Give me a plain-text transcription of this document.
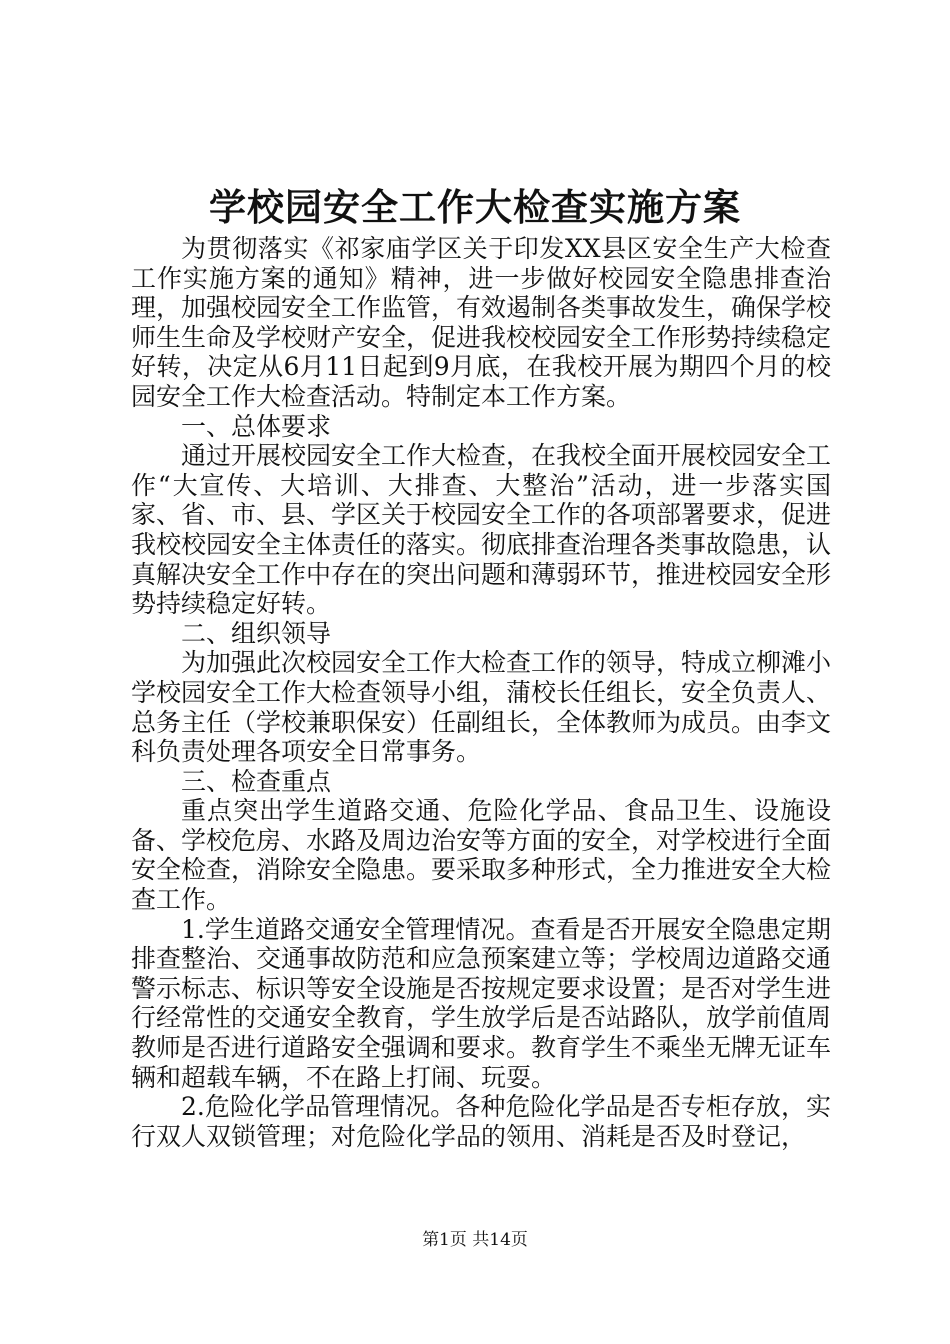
学校园安全工作大检查实施方案

为贯彻落实《祁家庙学区关于印发XX县区安全生产大检查工作实施方案的通知》精神，进一步做好校园安全隐患排查治理，加强校园安全工作监管，有效遏制各类事故发生，确保学校师生生命及学校财产安全，促进我校校园安全工作形势持续稳定好转，决定从6月11日起到9月底，在我校开展为期四个月的校园安全工作大检查活动。特制定本工作方案。

一、总体要求

通过开展校园安全工作大检查，在我校全面开展校园安全工作“大宣传、大培训、大排查、大整治”活动，进一步落实国家、省、市、县、学区关于校园安全工作的各项部署要求，促进我校校园安全主体责任的落实。彻底排查治理各类事故隐患，认真解决安全工作中存在的突出问题和薄弱环节，推进校园安全形势持续稳定好转。

二、组织领导

为加强此次校园安全工作大检查工作的领导，特成立柳滩小学校园安全工作大检查领导小组，蒲校长任组长，安全负责人、总务主任（学校兼职保安）任副组长，全体教师为成员。由李文科负责处理各项安全日常事务。

三、检查重点

重点突出学生道路交通、危险化学品、食品卫生、设施设备、学校危房、水路及周边治安等方面的安全，对学校进行全面安全检查，消除安全隐患。要采取多种形式，全力推进安全大检查工作。

1.学生道路交通安全管理情况。查看是否开展安全隐患定期排查整治、交通事故防范和应急预案建立等；学校周边道路交通警示标志、标识等安全设施是否按规定要求设置；是否对学生进行经常性的交通安全教育，学生放学后是否站路队，放学前值周教师是否进行道路安全强调和要求。教育学生不乘坐无牌无证车辆和超载车辆，不在路上打闹、玩耍。

2.危险化学品管理情况。各种危险化学品是否专柜存放，实行双人双锁管理；对危险化学品的领用、消耗是否及时登记，

第1页 共14页
